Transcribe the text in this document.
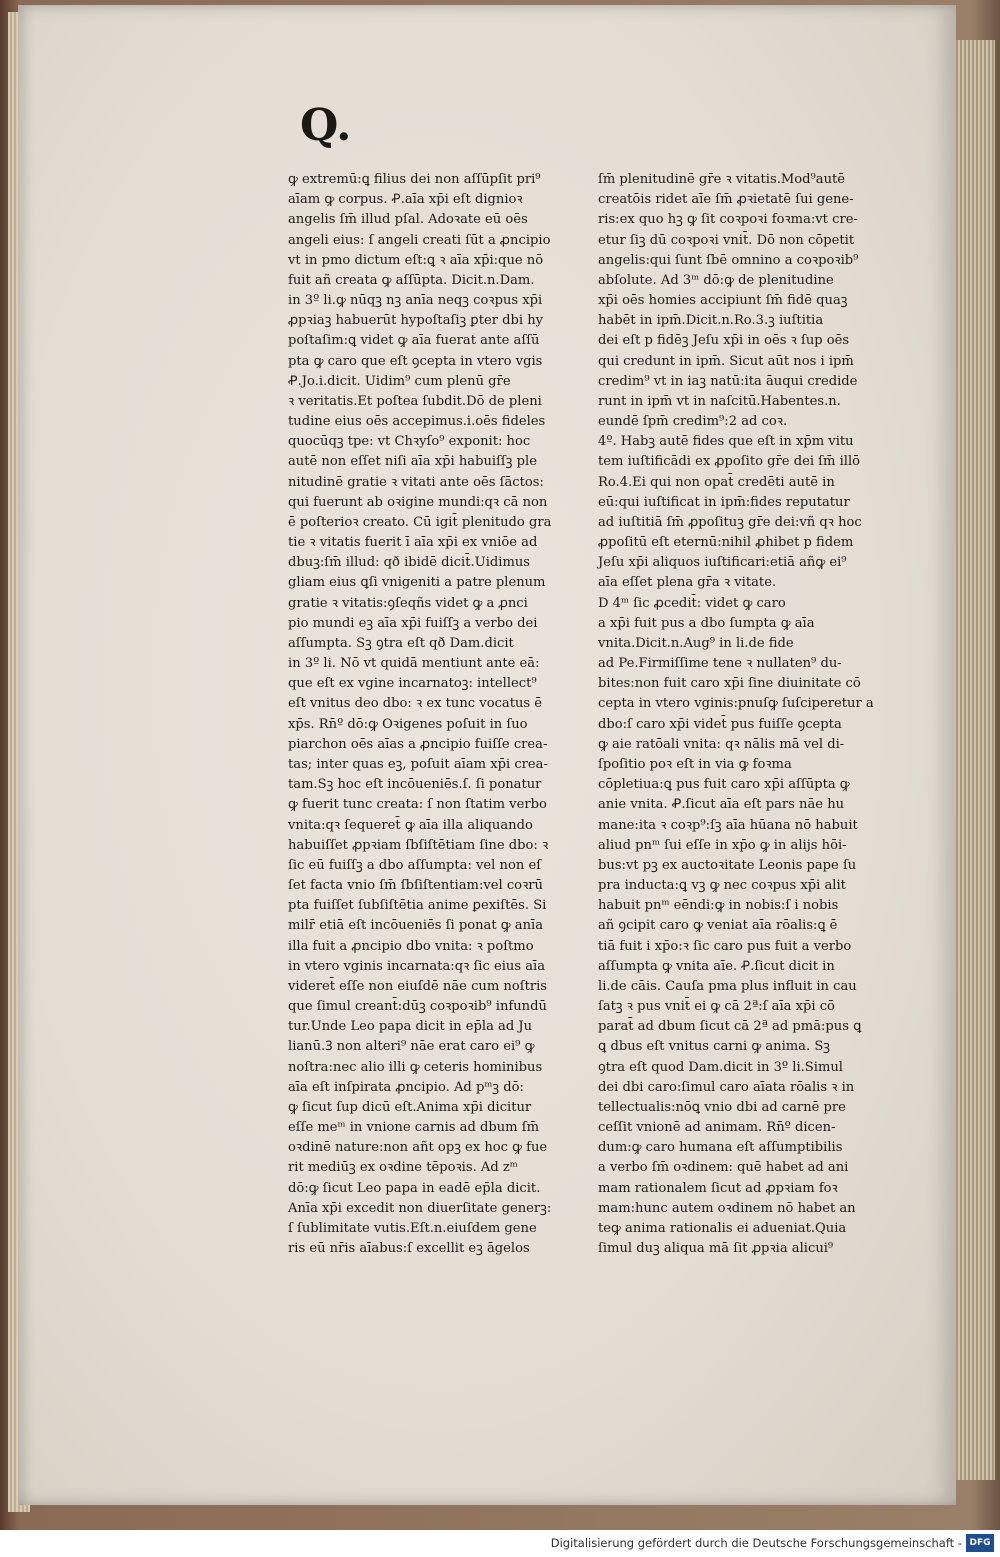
Q.
ꝙ extremū:ꝗ filius dei non aſſūpſit pri⁹
aīam ꝙ corpus. Ꝓ.aīa xp̄i eſt dignioꝛ
angelis ſm̄ illud pſal. Adoꝛate eū oēs
angeli eius: ſ angeli creati ſūt a ꝓncipio
vt in pmo dictum eſt:ꝗ ꝛ aīa xp̄i:que nō
fuit añ creata ꝙ aſſūpta. Dicit.n.Dam.
in 3º li.ꝙ nūqꝫ nꝫ anīa neqꝫ coꝛpus xp̄i
ꝓpꝛiaꝫ habuerūt hypoſtaſiꝫ ꝑter dbi hy
poſtaſim:ꝗ videt ꝙ aīa fuerat ante aſſū
pta ꝙ caro que eſt ꝯcepta in vtero vgis
Ꝓ.Jo.i.dicit. Uidim⁹ cum plenū gr̄e
ꝛ veritatis.Et poſtea ſubdit.Dō de pleni
tudine eius oēs accepimus.i.oēs fideles
quocūqꝫ tpe: vt Chꝛyſo⁹ exponit: hoc
autē non eſſet niſi aīa xp̄i habuiſſꝫ ple
nitudinē gratie ꝛ vitati ante oēs ſāctos:
qui fuerunt ab oꝛigine mundi:qꝛ cā non
ē poſterioꝛ creato. Cū igit̄ plenitudo gra
tie ꝛ vitatis fuerit ī aīa xp̄i ex vniōe ad
dbuꝫ:ſm̄ illud: qð ibidē dicit̄.Uidimus
gliam eius ꝗſi vnigeniti a patre plenum
gratie ꝛ vitatis:ꝯſeqñs videt ꝙ a ꝓnci
pio mundi eꝫ aīa xp̄i fuiſſꝫ a verbo dei
aſſumpta. Sꝫ ꝯtra eſt qð Dam.dicit
in 3º li. Nō vt quidā mentiunt ante eā:
que eſt ex vgine incarnatoꝫ: intellect⁹
eſt vnitus deo dbo: ꝛ ex tunc vocatus ē
xp̄s. Rn̄º dō:ꝙ Oꝛigenes poſuit in ſuo
piarchon oēs aīas a ꝓncipio fuiſſe crea-
tas; inter quas eꝫ, poſuit aīam xp̄i crea-
tam.Sꝫ hoc eſt incōueniēs.ſ. ſi ponatur
ꝙ fuerit tunc creata: ſ non ſtatim verbo
vnita:qꝛ ſequeret̄ ꝙ aīa illa aliquando
habuiſſet ꝓpꝛiam ſbſiſtētiam ſine dbo: ꝛ
ſic eū fuiſſꝫ a dbo aſſumpta: vel non eſ
ſet facta vnio ſm̄ ſbſiſtentiam:vel coꝛrū
pta fuiſſet ſubſiſtētia anime ꝑexiſtēs. Si
milr̄ etiā eſt incōueniēs ſi ponat ꝙ anīa
illa fuit a ꝓncipio dbo vnita: ꝛ poſtmo
in vtero vginis incarnata:qꝛ ſic eius aīa
videret̄ eſſe non eiuſdē nāe cum noſtris
que ſimul creant̄:dūꝫ coꝛpoꝛib⁹ infundū
tur.Unde Leo papa dicit in ep̄la ad Ju
lianū.Ꝫ non alteri⁹ nāe erat caro ei⁹ ꝙ
noſtra:nec alio illi ꝙ ceteris hominibus
aīa eſt inſpirata ꝓncipio. Ad pᵐꝫ dō:
ꝙ ſicut ſup dicū eſt.Anima xp̄i dicitur
eſſe meᵐ in vnione carnis ad dbum ſm̄
oꝛdinē nature:non añt opꝫ ex hoc ꝙ fue
rit mediūꝫ ex oꝛdine tēpoꝛis. Ad zᵐ
dō:ꝙ ſicut Leo papa in eadē ep̄la dicit.
Anīa xp̄i excedit non diuerſitate generꝫ:
ſ ſublimitate vutis.Eſt.n.eiuſdem gene
ris eū nr̄is aīabus:ſ excellit eꝫ āgelos
ſm̄ plenitudinē gr̄e ꝛ vitatis.Mod⁹autē
creatōis ridet aīe ſm̄ ꝓꝛietatē ſui gene-
ris:ex quo hꝫ ꝙ ſit coꝛpoꝛi foꝛma:vt cre-
etur ſiꝫ dū coꝛpoꝛi vnit̄. Dō non cōpetit
angelis:qui ſunt ſbē omnino a coꝛpoꝛib⁹
abſolute. Ad 3ᵐ dō:ꝙ de plenitudine
xp̄i oēs homies accipiunt ſm̄ fidē quaꝫ
habēt in ipm̄.Dicit.n.Ro.3.ꝫ iuſtitia
dei eſt p fidēꝫ Jeſu xp̄i in oēs ꝛ ſup oēs
qui credunt in ipm̄. Sicut aūt nos i ipm̄
credim⁹ vt in iaꝫ natū:ita āuqui credide
runt in ipm̄ vt in naſcitū.Habentes.n.
eundē ſpm̄ credim⁹:2 ad coꝛ.
4º. Habꝫ autē fides que eſt in xp̄m vitu
tem iuſtificādi ex ꝓpoſito gr̄e dei ſm̄ illō
Ro.4.Ei qui non opat̄ credēti autē in
eū:qui iuſtificat in ipm̄:fides reputatur
ad iuſtitiā ſm̄ ꝓpoſituꝫ gr̄e dei:vñ qꝛ hoc
ꝓpoſitū eſt eternū:nihil ꝓhibet p fidem
Jeſu xp̄i aliquos iuſtificari:etiā añꝙ ei⁹
aīa eſſet plena gr̄a ꝛ vitate.
D 4ᵐ ſic ꝓcedit̄: videt ꝙ caro
a xp̄i fuit pus a dbo ſumpta ꝙ aīa
vnita.Dicit.n.Aug⁹ in li.de fide
ad Pe.Firmiſſime tene ꝛ nullaten⁹ du-
bites:non fuit caro xp̄i ſine diuinitate cō
cepta in vtero vginis:pnuſꝙ ſuſciperetur a
dbo:ſ caro xp̄i videt̄ pus fuiſſe ꝯcepta
ꝙ aie ratōali vnita: qꝛ nālis mā vel di-
ſpoſitio poꝛ eſt in via ꝙ foꝛma
cōpletiua:ꝗ pus fuit caro xp̄i aſſūpta ꝙ
anie vnita. Ꝓ.ſicut aīa eſt pars nāe hu
mane:ita ꝛ coꝛp⁹:ſꝫ aīa hūana nō habuit
aliud pnᵐ ſui eſſe in xp̄o ꝙ in alijs hōi-
bus:vt pꝫ ex auctoꝛitate Leonis pape ſu
pra inducta:ꝗ vꝫ ꝙ nec coꝛpus xp̄i alit
habuit pnᵐ eēndi:ꝙ in nobis:ſ i nobis
añ ꝯcipit caro ꝙ veniat aīa rōalis:ꝗ ē
tiā fuit i xp̄o:ꝛ ſic caro pus fuit a verbo
aſſumpta ꝙ vnita aīe. Ꝓ.ſicut dicit in
li.de cāis. Cauſa pma plus influit in cau
ſatꝫ ꝛ pus vnit̄ ei ꝙ cā 2ª:ſ aīa xp̄i cō
parat̄ ad dbum ſicut cā 2ª ad pmā:pus ꝗ
ꝗ dbus eſt vnitus carni ꝙ anima. Sꝫ
ꝯtra eſt quod Dam.dicit in 3º li.Simul
dei dbi caro:ſimul caro aīata rōalis ꝛ in
tellectualis:nōꝗ vnio dbi ad carnē pre
ceſſit vnionē ad animam. Rn̄º dicen-
dum:ꝙ caro humana eſt aſſumptibilis
a verbo ſm̄ oꝛdinem: quē habet ad ani
mam rationalem ſicut ad ꝓpꝛiam foꝛ
mam:hunc autem oꝛdinem nō habet an
teꝙ anima rationalis ei adueniat.Quia
ſimul duꝫ aliqua mā ſit ꝓpꝛia alicui⁹
Digitalisierung gefördert durch die Deutsche Forschungsgemeinschaft - DFG
